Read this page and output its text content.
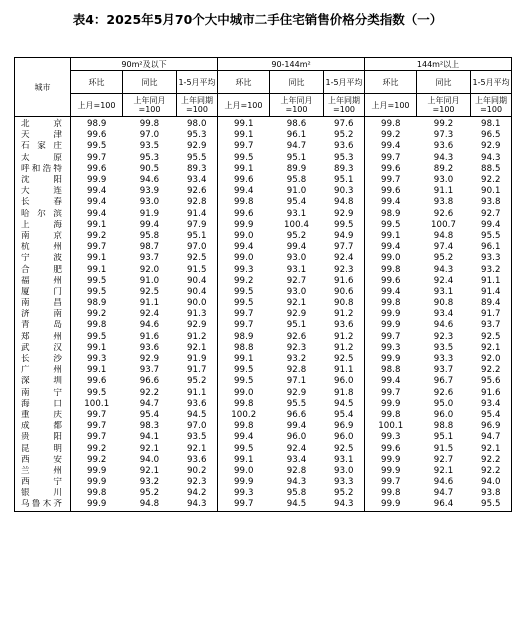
表4：2025年5月70个大中城市二手住宅销售价格分类指数（一）
城市	90m²及以下			90-144m²			144m²以上		
	环比	同比	1-5月平均	环比	同比	1-5月平均	环比	同比	1-5月平均
	上月=100	上年同月=100	上年同期=100	上月=100	上年同月=100	上年同期=100	上月=100	上年同月=100	上年同期=100
北京	98.9	99.8	98.0	99.1	98.6	97.6	99.8	99.2	98.1
天津	99.6	97.0	95.3	99.1	96.1	95.2	99.2	97.3	96.5
石家庄	99.5	93.5	92.9	99.7	94.7	93.6	99.4	93.6	92.9
太原	99.7	95.3	95.5	99.5	95.1	95.3	99.7	94.3	94.3
呼和浩特	99.6	90.5	89.3	99.1	89.9	89.3	99.6	89.2	88.5
沈阳	99.9	94.6	93.4	99.6	95.8	95.1	99.7	93.0	92.2
大连	99.4	93.9	92.6	99.4	91.0	90.3	99.6	91.1	90.1
长春	99.4	93.0	92.8	99.8	95.4	94.8	99.4	93.8	93.8
哈尔滨	99.4	91.9	91.4	99.6	93.1	92.9	98.9	92.6	92.7
上海	99.1	99.4	97.9	99.9	100.4	99.5	99.5	100.7	99.4
南京	99.2	95.8	95.1	99.0	95.2	94.9	99.1	94.8	95.5
杭州	99.7	98.7	97.0	99.4	99.4	97.7	99.4	97.4	96.1
宁波	99.1	93.7	92.5	99.0	93.0	92.4	99.0	95.2	93.3
合肥	99.1	92.0	91.5	99.3	93.1	92.3	99.8	94.3	93.2
福州	99.5	91.0	90.4	99.2	92.7	91.6	99.6	92.4	91.1
厦门	99.5	92.5	90.4	99.5	93.0	90.6	99.4	93.1	91.4
南昌	98.9	91.1	90.0	99.5	92.1	90.8	99.8	90.8	89.4
济南	99.2	92.4	91.3	99.7	92.9	91.2	99.9	93.4	91.7
青岛	99.8	94.6	92.9	99.7	95.1	93.6	99.9	94.6	93.7
郑州	99.5	91.6	91.2	98.9	92.6	91.2	99.7	92.3	92.5
武汉	99.1	93.6	92.1	98.8	92.3	91.2	99.3	93.5	92.1
长沙	99.3	92.9	91.9	99.1	93.2	92.5	99.9	93.3	92.0
广州	99.1	93.7	91.7	99.5	92.8	91.1	98.8	93.7	92.2
深圳	99.6	96.6	95.2	99.5	97.1	96.0	99.4	96.7	95.6
南宁	99.5	92.2	91.1	99.0	92.9	91.8	99.7	92.6	91.6
海口	100.1	94.7	93.6	99.8	95.5	94.5	99.9	95.0	93.4
重庆	99.7	95.4	94.5	100.2	96.6	95.4	99.8	96.0	95.4
成都	99.7	98.3	97.0	99.8	99.4	96.9	100.1	98.8	96.9
贵阳	99.7	94.1	93.5	99.4	96.0	96.0	99.3	95.1	94.7
昆明	99.2	92.1	92.1	99.5	92.4	92.5	99.6	91.5	92.1
西安	99.2	94.0	93.6	99.1	93.4	93.1	99.9	92.7	92.2
兰州	99.9	92.1	90.2	99.0	92.8	93.0	99.9	92.1	92.2
西宁	99.9	93.2	92.3	99.9	94.3	93.3	99.7	94.6	94.0
银川	99.8	95.2	94.2	99.3	95.8	95.2	99.8	94.7	93.8
乌鲁木齐	99.9	94.8	94.3	99.7	94.5	94.3	99.9	96.4	95.5
